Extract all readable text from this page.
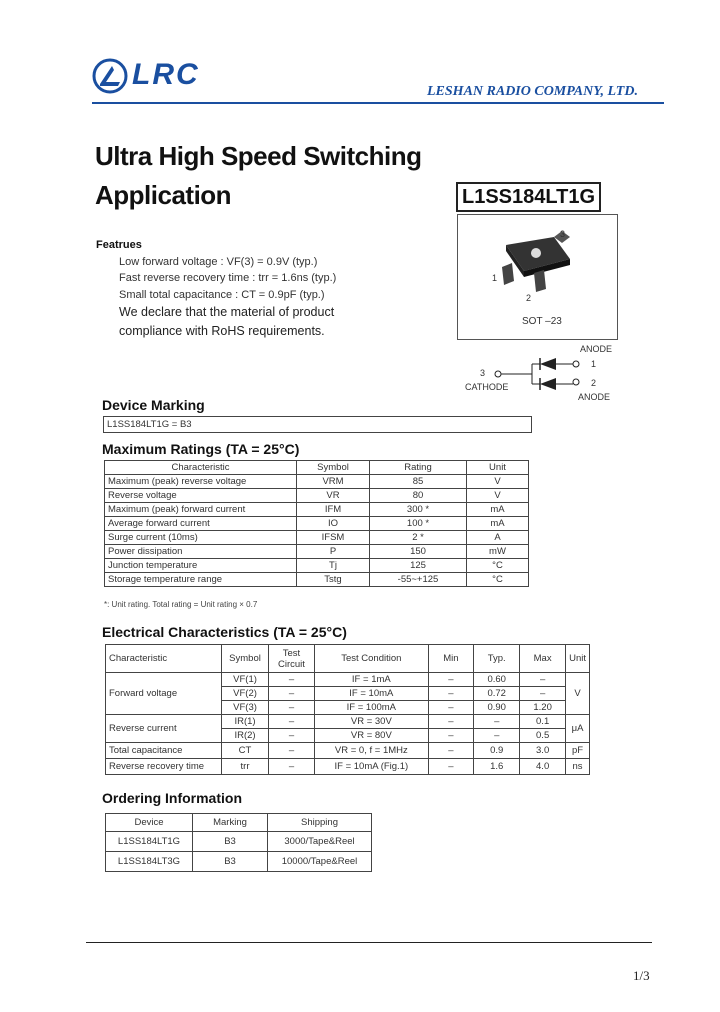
LRC
LESHAN RADIO COMPANY, LTD.
Ultra High Speed Switching
Application	L1SS184LT1G
Featrues
Low forward voltage : VF(3) = 0.9V (typ.)
Fast reverse recovery time : trr = 1.6ns (typ.)
Small total capacitance : CT = 0.9pF (typ.)
We declare that the material of product
compliance with RoHS requirements.
3
1
2
SOT –23
ANODE
1
3
CATHODE	2
ANODE
Device Marking
L1SS184LT1G = B3
Maximum Ratings (TA = 25°C)
Characteristic	Symbol	Rating	Unit
Maximum (peak) reverse voltage	VRM	85	V
Reverse voltage	VR	80	V
Maximum (peak) forward current	IFM	300 *	mA
Average forward current	IO	100 *	mA
Surge current (10ms)	IFSM	2 *	A
Power dissipation	P	150	mW
Junction temperature	Tj	125	°C
Storage temperature range	Tstg	-55~+125	°C
*: Unit rating. Total rating = Unit rating × 0.7
Electrical Characteristics (TA = 25°C)
Characteristic	Symbol	Test Circuit	Test Condition	Min	Typ.	Max	Unit
Forward voltage	VF(1)	–	IF = 1mA	–	0.60	–	V
	VF(2)	–	IF = 10mA	–	0.72	–	
	VF(3)	–	IF = 100mA	–	0.90	1.20	
Reverse current	IR(1)	–	VR = 30V	–	–	0.1	μA
	IR(2)	–	VR = 80V	–	–	0.5	
Total capacitance	CT	–	VR = 0, f = 1MHz	–	0.9	3.0	pF
Reverse recovery time	trr	–	IF = 10mA (Fig.1)	–	1.6	4.0	ns
Ordering Information
Device	Marking	Shipping
L1SS184LT1G	B3	3000/Tape&Reel
L1SS184LT3G	B3	10000/Tape&Reel
1/3
